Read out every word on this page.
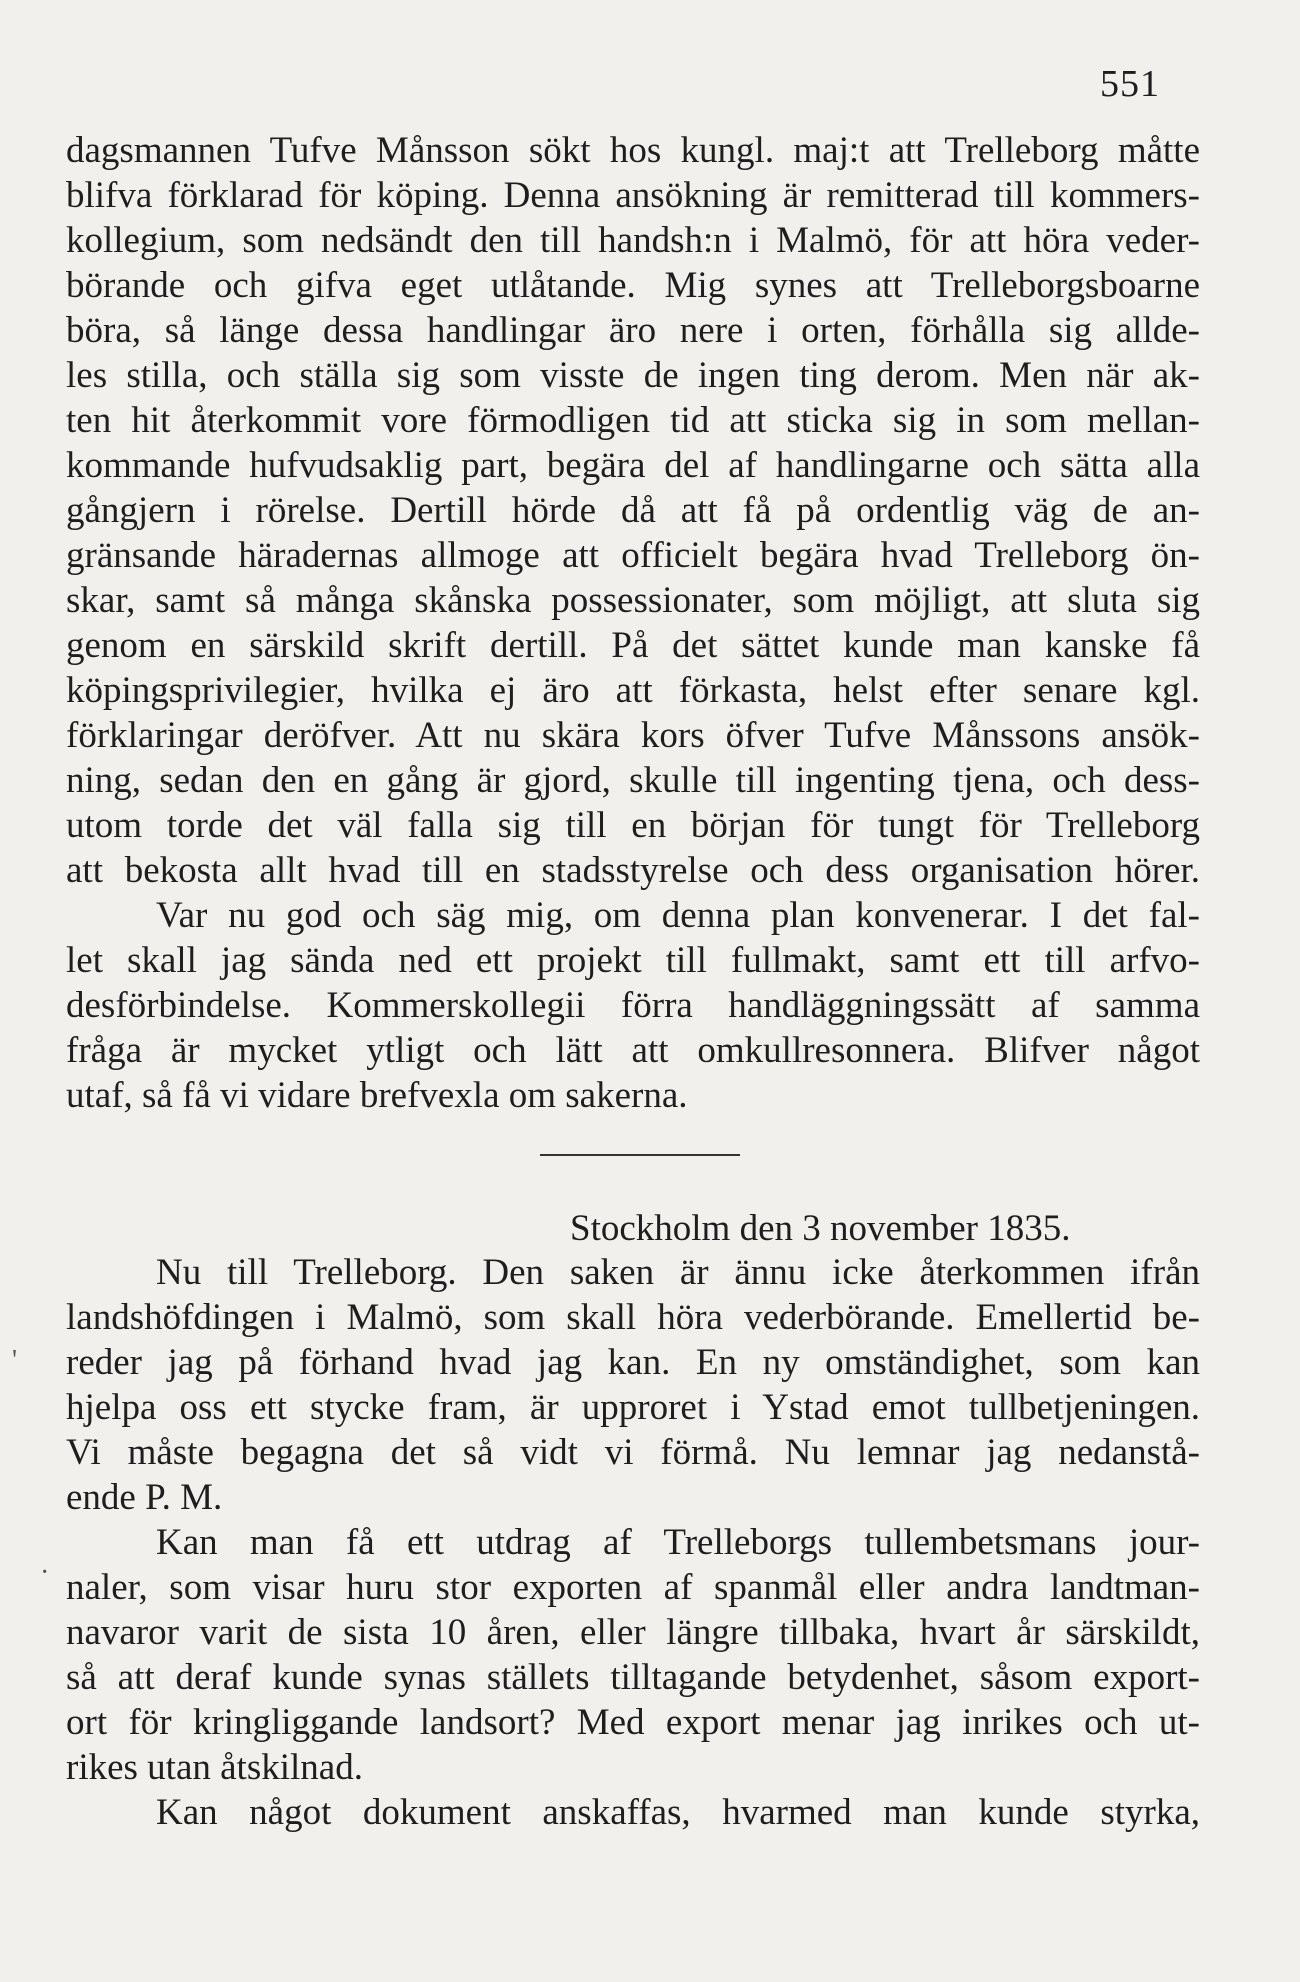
551
dagsmannen Tufve Månsson sökt hos kungl. maj:t att Trelleborg måtte
blifva förklarad för köping. Denna ansökning är remitterad till kommers-
kollegium, som nedsändt den till handsh:n i Malmö, för att höra veder-
börande och gifva eget utlåtande. Mig synes att Trelleborgsboarne
böra, så länge dessa handlingar äro nere i orten, förhålla sig allde-
les stilla, och ställa sig som visste de ingen ting derom. Men när ak-
ten hit återkommit vore förmodligen tid att sticka sig in som mellan-
kommande hufvudsaklig part, begära del af handlingarne och sätta alla
gångjern i rörelse. Dertill hörde då att få på ordentlig väg de an-
gränsande häradernas allmoge att officielt begära hvad Trelleborg ön-
skar, samt så många skånska possessionater, som möjligt, att sluta sig
genom en särskild skrift dertill. På det sättet kunde man kanske få
köpingsprivilegier, hvilka ej äro att förkasta, helst efter senare kgl.
förklaringar deröfver. Att nu skära kors öfver Tufve Månssons ansök-
ning, sedan den en gång är gjord, skulle till ingenting tjena, och dess-
utom torde det väl falla sig till en början för tungt för Trelleborg
att bekosta allt hvad till en stadsstyrelse och dess organisation hörer.
Var nu god och säg mig, om denna plan konvenerar. I det fal-
let skall jag sända ned ett projekt till fullmakt, samt ett till arfvo-
desförbindelse. Kommerskollegii förra handläggningssätt af samma
fråga är mycket ytligt och lätt att omkullresonnera. Blifver något
utaf, så få vi vidare brefvexla om sakerna.
Stockholm den 3 november 1835.
Nu till Trelleborg. Den saken är ännu icke återkommen ifrån
landshöfdingen i Malmö, som skall höra vederbörande. Emellertid be-
reder jag på förhand hvad jag kan. En ny omständighet, som kan
hjelpa oss ett stycke fram, är upproret i Ystad emot tullbetjeningen.
Vi måste begagna det så vidt vi förmå. Nu lemnar jag nedanstå-
ende P. M.
Kan man få ett utdrag af Trelleborgs tullembetsmans jour-
naler, som visar huru stor exporten af spanmål eller andra landtman-
navaror varit de sista 10 åren, eller längre tillbaka, hvart år särskildt,
så att deraf kunde synas ställets tilltagande betydenhet, såsom export-
ort för kringliggande landsort? Med export menar jag inrikes och ut-
rikes utan åtskilnad.
Kan något dokument anskaffas, hvarmed man kunde styrka,
'
·
